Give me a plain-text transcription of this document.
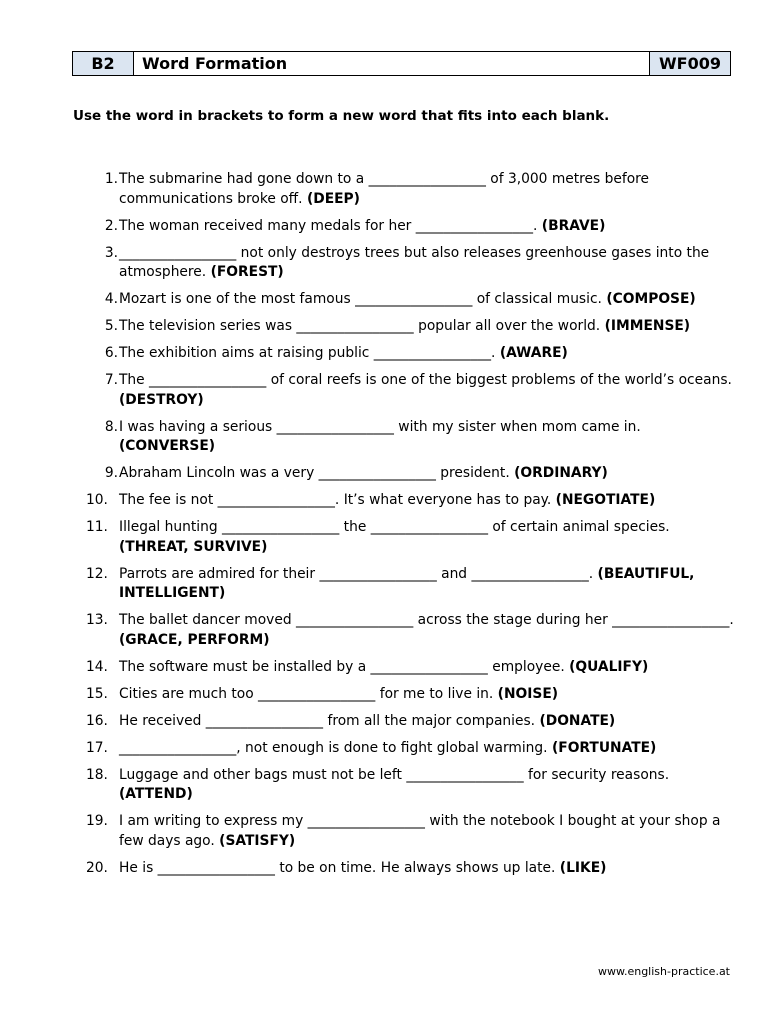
B2	Word Formation	WF009
Use the word in brackets to form a new word that fits into each blank.
1. The submarine had gone down to a _________________ of 3,000 metres before communications broke off. (DEEP)
2. The woman received many medals for her _________________. (BRAVE)
3. _________________ not only destroys trees but also releases greenhouse gases into the atmosphere. (FOREST)
4. Mozart is one of the most famous _________________ of classical music. (COMPOSE)
5. The television series was _________________ popular all over the world. (IMMENSE)
6. The exhibition aims at raising public _________________. (AWARE)
7. The _________________ of coral reefs is one of the biggest problems of the world’s oceans. (DESTROY)
8. I was having a serious _________________ with my sister when mom came in. (CONVERSE)
9. Abraham Lincoln was a very _________________ president. (ORDINARY)
10. The fee is not _________________. It’s what everyone has to pay. (NEGOTIATE)
11. Illegal hunting _________________ the _________________ of certain animal species. (THREAT, SURVIVE)
12. Parrots are admired for their _________________ and _________________. (BEAUTIFUL, INTELLIGENT)
13. The ballet dancer moved _________________ across the stage during her _________________. (GRACE, PERFORM)
14. The software must be installed by a _________________ employee. (QUALIFY)
15. Cities are much too _________________ for me to live in. (NOISE)
16. He received _________________ from all the major companies. (DONATE)
17. _________________, not enough is done to fight global warming. (FORTUNATE)
18. Luggage and other bags must not be left _________________ for security reasons. (ATTEND)
19. I am writing to express my _________________ with the notebook I bought at your shop a few days ago. (SATISFY)
20. He is _________________ to be on time. He always shows up late. (LIKE)
www.english-practice.at
